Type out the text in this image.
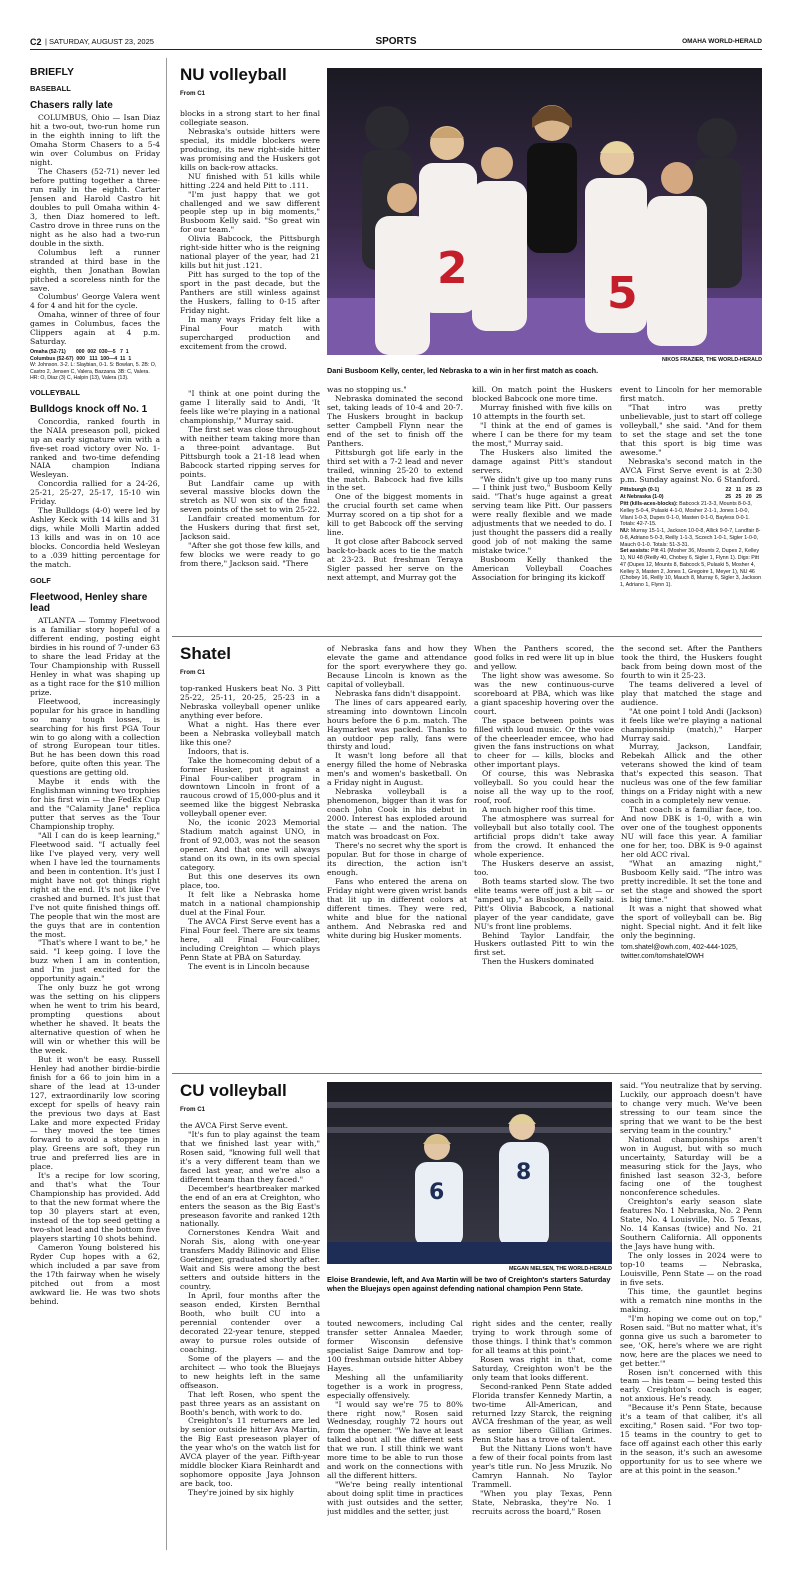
C2 | SATURDAY, AUGUST 23, 2025	SPORTS	OMAHA WORLD-HERALD
BRIEFLY
BASEBALL
Chasers rally late

COLUMBUS, Ohio — Isan Diaz hit a two-out, two-run home run in the eighth inning to lift the Omaha Storm Chasers to a 5-4 win over Columbus on Friday night.

The Chasers (52-71) never led before putting together a three-run rally in the eighth. Carter Jensen and Harold Castro hit doubles to pull Omaha within 4-3, then Diaz homered to left. Castro drove in three runs on the night as he also had a two-run double in the sixth.

Columbus left a runner stranded at third base in the eighth, then Jonathan Bowlan pitched a scoreless ninth for the save.

Columbus' George Valera went 4 for 4 and hit for the cycle.

Omaha, winner of three of four games in Columbus, faces the Clippers again at 4 p.m. Saturday.

Omaha (52-71)       000  002  030—5   7  1
Columbus (52-67)  000   111  100—4  11  1
W: Johnson. 3-2. L: Slaybian, 0-1. S: Bowlan, 5. 2B: O, Castro 2, Jensen C, Valera, Bazzana. 3B: C, Valera. HR: O, Diaz (3) C, Halpin (13), Valera (13).
VOLLEYBALL
Bulldogs knock off No. 1

Concordia, ranked fourth in the NAIA preseason poll, picked up an early signature win with a five-set road victory over No. 1-ranked and two-time defending NAIA champion Indiana Wesleyan.

Concordia rallied for a 24-26, 25-21, 25-27, 25-17, 15-10 win Friday.

The Bulldogs (4-0) were led by Ashley Keck with 14 kills and 31 digs, while Molli Martin added 13 kills and was in on 10 ace blocks. Concordia held Wesleyan to a .039 hitting percentage for the match.

GOLF
Fleetwood, Henley share lead

ATLANTA — Tommy Fleetwood is a familiar story hopeful of a different ending, posting eight birdies in his round of 7-under 63 to share the lead Friday at the Tour Championship with Russell Henley in what was shaping up as a tight race for the $10 million prize.

Fleetwood, increasingly popular for his grace in handling so many tough losses, is searching for his first PGA Tour win to go along with a collection of strong European tour titles. But he has been down this road before, quite often this year. The questions are getting old.

Maybe it ends with the Englishman winning two trophies for his first win — the FedEx Cup and the "Calamity Jane" replica putter that serves as the Tour Championship trophy.

"All I can do is keep learning," Fleetwood said. "I actually feel like I've played very, very well when I have led the tournaments and been in contention. It's just I might have not got things right right at the end. It's not like I've crashed and burned. It's just that I've not quite finished things off. The people that win the most are the guys that are in contention the most.

"That's where I want to be," he said. "I keep going. I love the buzz when I am in contention, and I'm just excited for the opportunity again."

The only buzz he got wrong was the setting on his clippers when he went to trim his beard, prompting questions about whether he shaved. It beats the alternative question of when he will win or whether this will be the week.

But it won't be easy. Russell Henley had another birdie-birdie finish for a 66 to join him in a share of the lead at 13-under 127, extraordinarily low scoring except for spells of heavy rain the previous two days at East Lake and more expected Friday — they moved the tee times forward to avoid a stoppage in play. Greens are soft, they run true and preferred lies are in place.

It's a recipe for low scoring, and that's what the Tour Championship has provided. Add to that the new format where the top 30 players start at even, instead of the top seed getting a two-shot lead and the bottom five players starting 10 shots behind.

Cameron Young bolstered his Ryder Cup hopes with a 62, which included a par save from the 17th fairway when he wisely pitched out from a most awkward lie. He was two shots behind.

NU volleyball
From C1

blocks in a strong start to her final collegiate season.

Nebraska's outside hitters were special, its middle blockers were producing, its new right-side hitter was promising and the Huskers got kills on back-row attacks.

NU finished with 51 kills while hitting .224 and held Pitt to .111.

"I'm just happy that we got challenged and we saw different people step up in big moments," Busboom Kelly said. "So great win for our team."

Olivia Babcock, the Pittsburgh right-side hitter who is the reigning national player of the year, had 21 kills but hit just .121.

Pitt has surged to the top of the sport in the past decade, but the Panthers are still winless against the Huskers, falling to 0-15 after Friday night.

In many ways Friday felt like a Final Four match with supercharged production and excitement from the crowd.

"I think at one point during the game I literally said to Andi, 'It feels like we're playing in a national championship,'" Murray said.

The first set was close throughout with neither team taking more than a three-point advantage. But Pittsburgh took a 21-18 lead when Babcock started ripping serves for points.

But Landfair came up with several massive blocks down the stretch as NU won six of the final seven points of the set to win 25-22.

Landfair created momentum for the Huskers during that first set, Jackson said.

"After she got those few kills, and few blocks we were ready to go from there," Jackson said. "There

2	5
NIKOS FRAZIER, THE WORLD-HERALD
Dani Busboom Kelly, center, led Nebraska to a win in her first match as coach.

was no stopping us."

Nebraska dominated the second set, taking leads of 10-4 and 20-7. The Huskers brought in backup setter Campbell Flynn near the end of the set to finish off the Panthers.

Pittsburgh got life early in the third set with a 7-2 lead and never trailed, winning 25-20 to extend the match. Babcock had five kills in the set.

One of the biggest moments in the crucial fourth set came when Murray scored on a tip shot for a kill to get Babcock off the serving line.

It got close after Babcock served back-to-back aces to tie the match at 23-23. But freshman Teraya Sigler passed her serve on the next attempt, and Murray got the

kill. On match point the Huskers blocked Babcock one more time.

Murray finished with five kills on 10 attempts in the fourth set.

"I think at the end of games is where I can be there for my team the most," Murray said.

The Huskers also limited the damage against Pitt's standout servers.

"We didn't give up too many runs — I think just two," Busboom Kelly said. "That's huge against a great serving team like Pitt. Our passers were really flexible and we made adjustments that we needed to do. I just thought the passers did a really good job of not making the same mistake twice."

Busboom Kelly thanked the American Volleyball Coaches Association for bringing its kickoff

event to Lincoln for her memorable first match.

"That intro was pretty unbelievable, just to start off college volleyball," she said. "And for them to set the stage and set the tone that this sport is big time was awesome."

Nebraska's second match in the AVCA First Serve event is at 2:30 p.m. Sunday against No. 6 Stanford.

Pittsburgh (0-1)	22   11   25   23
At Nebraska (1-0)	25   25   20   25
Pitt (kills-aces-blocks): Babcock 21-3-3, Mounts 8-0-3, Kelley 5-0-4, Pulaski 4-1-0, Mosher 2-1-1, Jones 1-0-0, Vilani 1-0-3, Dupes 0-1-0, Masten 0-1-0, Bayless 0-0-1. Totals: 42-7-15.
NU: Murray 15-1-1, Jackson 10-0-8, Allick 9-0-7, Landfair 8-0-8, Adriano 5-0-3, Reilly 1-1-3, Sczech 1-0-1, Sigler 1-0-0, Mauch 0-1-0. Totals: 51-3-31.
Set assists: Pitt 41 (Mosher 36, Mounts 2, Dupes 2, Kelley 1), NU 48 (Reilly 40, Chobey 6, Sigler 1, Flynn 1). Digs: Pitt 47 (Dupes 12, Mounts 8, Babcock 5, Pulaski 5, Mosher 4, Kelley 3, Masten 2, Jones 1, Gregoire 1, Meyer 1), NU 46 (Chobey 16, Reilly 10, Mauch 8, Murray 6, Sigler 3, Jackson 1, Adriano 1, Flynn 1).
Shatel
From C1

top-ranked Huskers beat No. 3 Pitt 25-22, 25-11, 20-25, 25-23 in a Nebraska volleyball opener unlike anything ever before.

What a night. Has there ever been a Nebraska volleyball match like this one?

Indoors, that is.

Take the homecoming debut of a former Husker, put it against a Final Four-caliber program in downtown Lincoln in front of a raucous crowd of 15,000-plus and it seemed like the biggest Nebraska volleyball opener ever.

No, the iconic 2023 Memorial Stadium match against UNO, in front of 92,003, was not the season opener. And that one will always stand on its own, in its own special category.

But this one deserves its own place, too.

It felt like a Nebraska home match in a national championship duel at the Final Four.

The AVCA First Serve event has a Final Four feel. There are six teams here, all Final Four-caliber, including Creighton — which plays Penn State at PBA on Saturday.

The event is in Lincoln because

of Nebraska fans and how they elevate the game and attendance for the sport everywhere they go. Because Lincoln is known as the capital of volleyball.

Nebraska fans didn't disappoint.

The lines of cars appeared early, streaming into downtown Lincoln hours before the 6 p.m. match. The Haymarket was packed. Thanks to an outdoor pep rally, fans were thirsty and loud.

It wasn't long before all that energy filled the home of Nebraska men's and women's basketball. On a Friday night in August.

Nebraska volleyball is a phenomenon, bigger than it was for coach John Cook in his debut in 2000. Interest has exploded around the state — and the nation. The match was broadcast on Fox.

There's no secret why the sport is popular. But for those in charge of its direction, the action isn't enough.

Fans who entered the arena on Friday night were given wrist bands that lit up in different colors at different times. They were red, white and blue for the national anthem. And Nebraska red and white during big Husker moments.

When the Panthers scored, the good folks in red were lit up in blue and yellow.

The light show was awesome. So was the new continuous-curve scoreboard at PBA, which was like a giant spaceship hovering over the court.

The space between points was filled with loud music. Or the voice of the cheerleader emcee, who had given the fans instructions on what to cheer for — kills, blocks and other important plays.

Of course, this was Nebraska volleyball. So you could hear the noise all the way up to the roof, roof, roof.

A much higher roof this time.

The atmosphere was surreal for volleyball but also totally cool. The artificial props didn't take away from the crowd. It enhanced the whole experience.

The Huskers deserve an assist, too.

Both teams started slow. The two elite teams were off just a bit — or "amped up," as Busboom Kelly said. Pitt's Olivia Babcock, a national player of the year candidate, gave NU's front line problems.

Behind Taylor Landfair, the Huskers outlasted Pitt to win the first set.

Then the Huskers dominated

the second set. After the Panthers took the third, the Huskers fought back from being down most of the fourth to win it 25-23.

The teams delivered a level of play that matched the stage and audience.

"At one point I told Andi (Jackson) it feels like we're playing a national championship (match)," Harper Murray said.

Murray, Jackson, Landfair, Rebekah Allick and the other veterans showed the kind of team that's expected this season. That nucleus was one of the few familiar things on a Friday night with a new coach in a completely new venue.

That coach is a familiar face, too. And now DBK is 1-0, with a win over one of the toughest opponents NU will face this year. A familiar one for her, too. DBK is 9-0 against her old ACC rival.

"What an amazing night," Busboom Kelly said. "The intro was pretty incredible. It set the tone and set the stage and showed the sport is big time."

It was a night that showed what the sport of volleyball can be. Big night. Special night. And it felt like only the beginning.

tom.shatel@owh.com, 402-444-1025, twitter.com/tomshatelOWH
CU volleyball
From C1

the AVCA First Serve event.

"It's fun to play against the team that we finished last year with," Rosen said, "knowing full well that it's a very different team than we faced last year, and we're also a different team than they faced."

December's heartbreaker marked the end of an era at Creighton, who enters the season as the Big East's preseason favorite and ranked 12th nationally.

Cornerstones Kendra Wait and Norah Sis, along with one-year transfers Maddy Bilinovic and Elise Goetzinger, graduated shortly after. Wait and Sis were among the best setters and outside hitters in the country.

In April, four months after the season ended, Kirsten Bernthal Booth, who built CU into a perennial contender over a decorated 22-year tenure, stepped away to pursue roles outside of coaching.

Some of the players — and the architect — who took the Bluejays to new heights left in the same offseason.

That left Rosen, who spent the past three years as an assistant on Booth's bench, with work to do.

Creighton's 11 returners are led by senior outside hitter Ava Martin, the Big East preseason player of the year who's on the watch list for AVCA player of the year. Fifth-year middle blocker Kiara Reinhardt and sophomore opposite Jaya Johnson are back, too.

They're joined by six highly

6
8
MEGAN NIELSEN, THE WORLD-HERALD
Eloise Brandewie, left, and Ava Martin will be two of Creighton's starters Saturday when the Bluejays open against defending national champion Penn State.

touted newcomers, including Cal transfer setter Annalea Maeder, former Wisconsin defensive specialist Saige Damrow and top-100 freshman outside hitter Abbey Hayes.

Meshing all the unfamiliarity together is a work in progress, especially offensively.

"I would say we're 75 to 80% there right now," Rosen said Wednesday, roughly 72 hours out from the opener. "We have at least talked about all the different sets that we run. I still think we want more time to be able to run those and work on the connections with all the different hitters.

"We're being really intentional about doing split time in practices with just outsides and the setter, just middles and the setter, just

right sides and the center, really trying to work through some of those things. I think that's common for all teams at this point."

Rosen was right in that, come Saturday, Creighton won't be the only team that looks different.

Second-ranked Penn State added Florida transfer Kennedy Martin, a two-time All-American, and returned Izzy Starck, the reigning AVCA freshman of the year, as well as senior libero Gillian Grimes. Penn State has a trove of talent.

But the Nittany Lions won't have a few of their focal points from last year's title run. No Jess Mruzik. No Camryn Hannah. No Taylor Trammell.

"When you play Texas, Penn State, Nebraska, they're No. 1 recruits across the board," Rosen

said. "You neutralize that by serving. Luckily, our approach doesn't have to change very much. We've been stressing to our team since the spring that we want to be the best serving team in the country."

National championships aren't won in August, but with so much uncertainty, Saturday will be a measuring stick for the Jays, who finished last season 32-3, before facing one of the toughest nonconference schedules.

Creighton's early season slate features No. 1 Nebraska, No. 2 Penn State, No. 4 Louisville, No. 5 Texas, No. 14 Kansas (twice) and No. 21 Southern California. All opponents the Jays have hung with.

The only losses in 2024 were to top-10 teams — Nebraska, Louisville, Penn State — on the road in five sets.

This time, the gauntlet begins with a rematch nine months in the making.

"I'm hoping we come out on top," Rosen said. "But no matter what, it's gonna give us such a barometer to see, 'OK, here's where we are right now, here are the places we need to get better.'"

Rosen isn't concerned with this team — his team — being tested this early. Creighton's coach is eager, not anxious. He's ready.

"Because it's Penn State, because it's a team of that caliber, it's all exciting," Rosen said. "For two top-15 teams in the country to get to face off against each other this early in the season, it's such an awesome opportunity for us to see where we are at this point in the season."
